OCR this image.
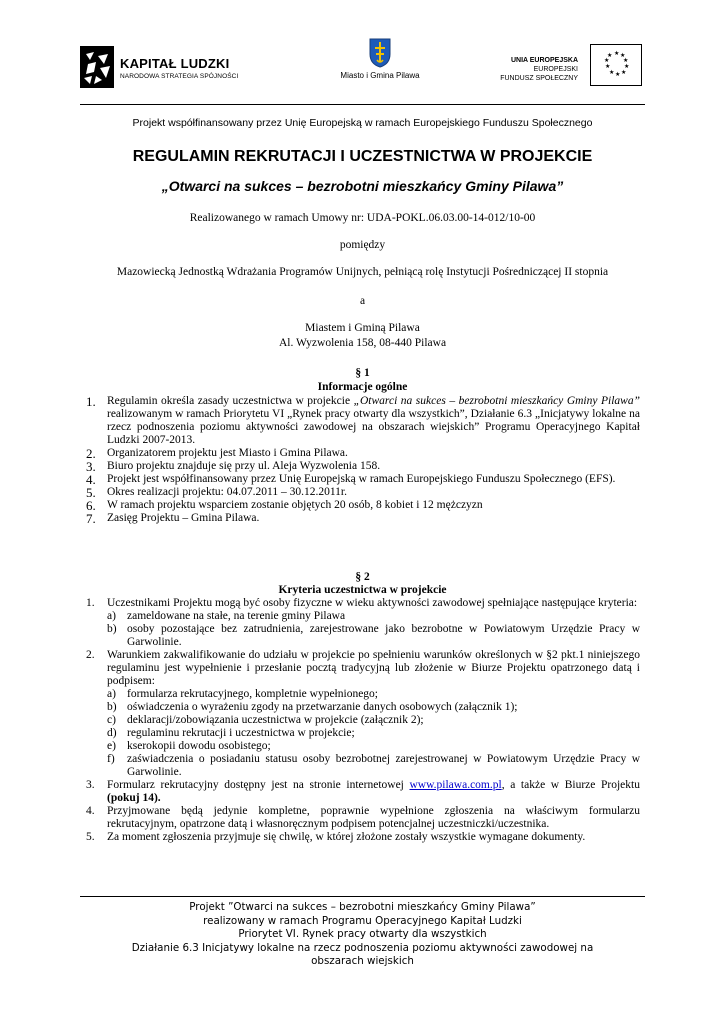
KAPITAŁ LUDZKI
NARODOWA STRATEGIA SPÓJNOŚCI	Miasto i Gmina Pilawa
UNIA EUROPEJSKA
EUROPEJSKI
FUNDUSZ SPOŁECZNY
★ ★
★
★
★
★
★
★
★
★
Projekt współfinansowany przez Unię Europejską w ramach Europejskiego Funduszu Społecznego
REGULAMIN REKRUTACJI I UCZESTNICTWA W PROJEKCIE
„Otwarci na sukces – bezrobotni mieszkańcy Gminy Pilawa”
Realizowanego w ramach Umowy nr: UDA-POKL.06.03.00-14-012/10-00
pomiędzy
Mazowiecką Jednostką Wdrażania Programów Unijnych, pełniącą rolę Instytucji Pośredniczącej II stopnia
a
Miastem i Gminą Pilawa
Al. Wyzwolenia 158, 08-440 Pilawa
§ 1
Informacje ogólne
1. Regulamin określa zasady uczestnictwa w projekcie „Otwarci na sukces – bezrobotni mieszkańcy Gminy Pilawa” realizowanym w ramach Priorytetu VI „Rynek pracy otwarty dla wszystkich”, Działanie 6.3 „Inicjatywy lokalne na rzecz podnoszenia poziomu aktywności zawodowej na obszarach wiejskich” Programu Operacyjnego Kapitał Ludzki 2007-2013.
2. Organizatorem projektu jest Miasto i Gmina Pilawa.
3. Biuro projektu znajduje się przy ul. Aleja Wyzwolenia 158.
4. Projekt jest współfinansowany przez Unię Europejską w ramach Europejskiego Funduszu Społecznego (EFS).
5. Okres realizacji projektu: 04.07.2011 – 30.12.2011r.
6. W ramach projektu wsparciem zostanie objętych 20 osób, 8 kobiet i 12 mężczyzn
7. Zasięg Projektu – Gmina Pilawa.
§ 2
Kryteria uczestnictwa w projekcie
1. Uczestnikami Projektu mogą być osoby fizyczne w wieku aktywności zawodowej spełniające następujące kryteria:
a) zameldowane na stałe, na terenie gminy Pilawa
b) osoby pozostające bez zatrudnienia, zarejestrowane jako bezrobotne w Powiatowym Urzędzie Pracy w Garwolinie.
2. Warunkiem zakwalifikowanie do udziału w projekcie po spełnieniu warunków określonych w §2 pkt.1 niniejszego regulaminu jest wypełnienie i przesłanie pocztą tradycyjną lub złożenie w Biurze Projektu opatrzonego datą i podpisem:
a) formularza rekrutacyjnego, kompletnie wypełnionego;
b) oświadczenia o wyrażeniu zgody na przetwarzanie danych osobowych (załącznik 1);
c) deklaracji/zobowiązania uczestnictwa w projekcie (załącznik 2);
d) regulaminu rekrutacji i uczestnictwa w projekcie;
e) kserokopii dowodu osobistego;
f) zaświadczenia o posiadaniu statusu osoby bezrobotnej zarejestrowanej w Powiatowym Urzędzie Pracy w Garwolinie.
3. Formularz rekrutacyjny dostępny jest na stronie internetowej www.pilawa.com.pl, a także w Biurze Projektu (pokuj 14).
4. Przyjmowane będą jedynie kompletne, poprawnie wypełnione zgłoszenia na właściwym formularzu rekrutacyjnym, opatrzone datą i własnoręcznym podpisem potencjalnej uczestniczki/uczestnika.
5. Za moment zgłoszenia przyjmuje się chwilę, w której złożone zostały wszystkie wymagane dokumenty.
Projekt ”Otwarci na sukces – bezrobotni mieszkańcy Gminy Pilawa”
realizowany w ramach Programu Operacyjnego Kapitał Ludzki
Priorytet VI. Rynek pracy otwarty dla wszystkich
Działanie 6.3 Inicjatywy lokalne na rzecz podnoszenia poziomu aktywności zawodowej na
obszarach wiejskich
